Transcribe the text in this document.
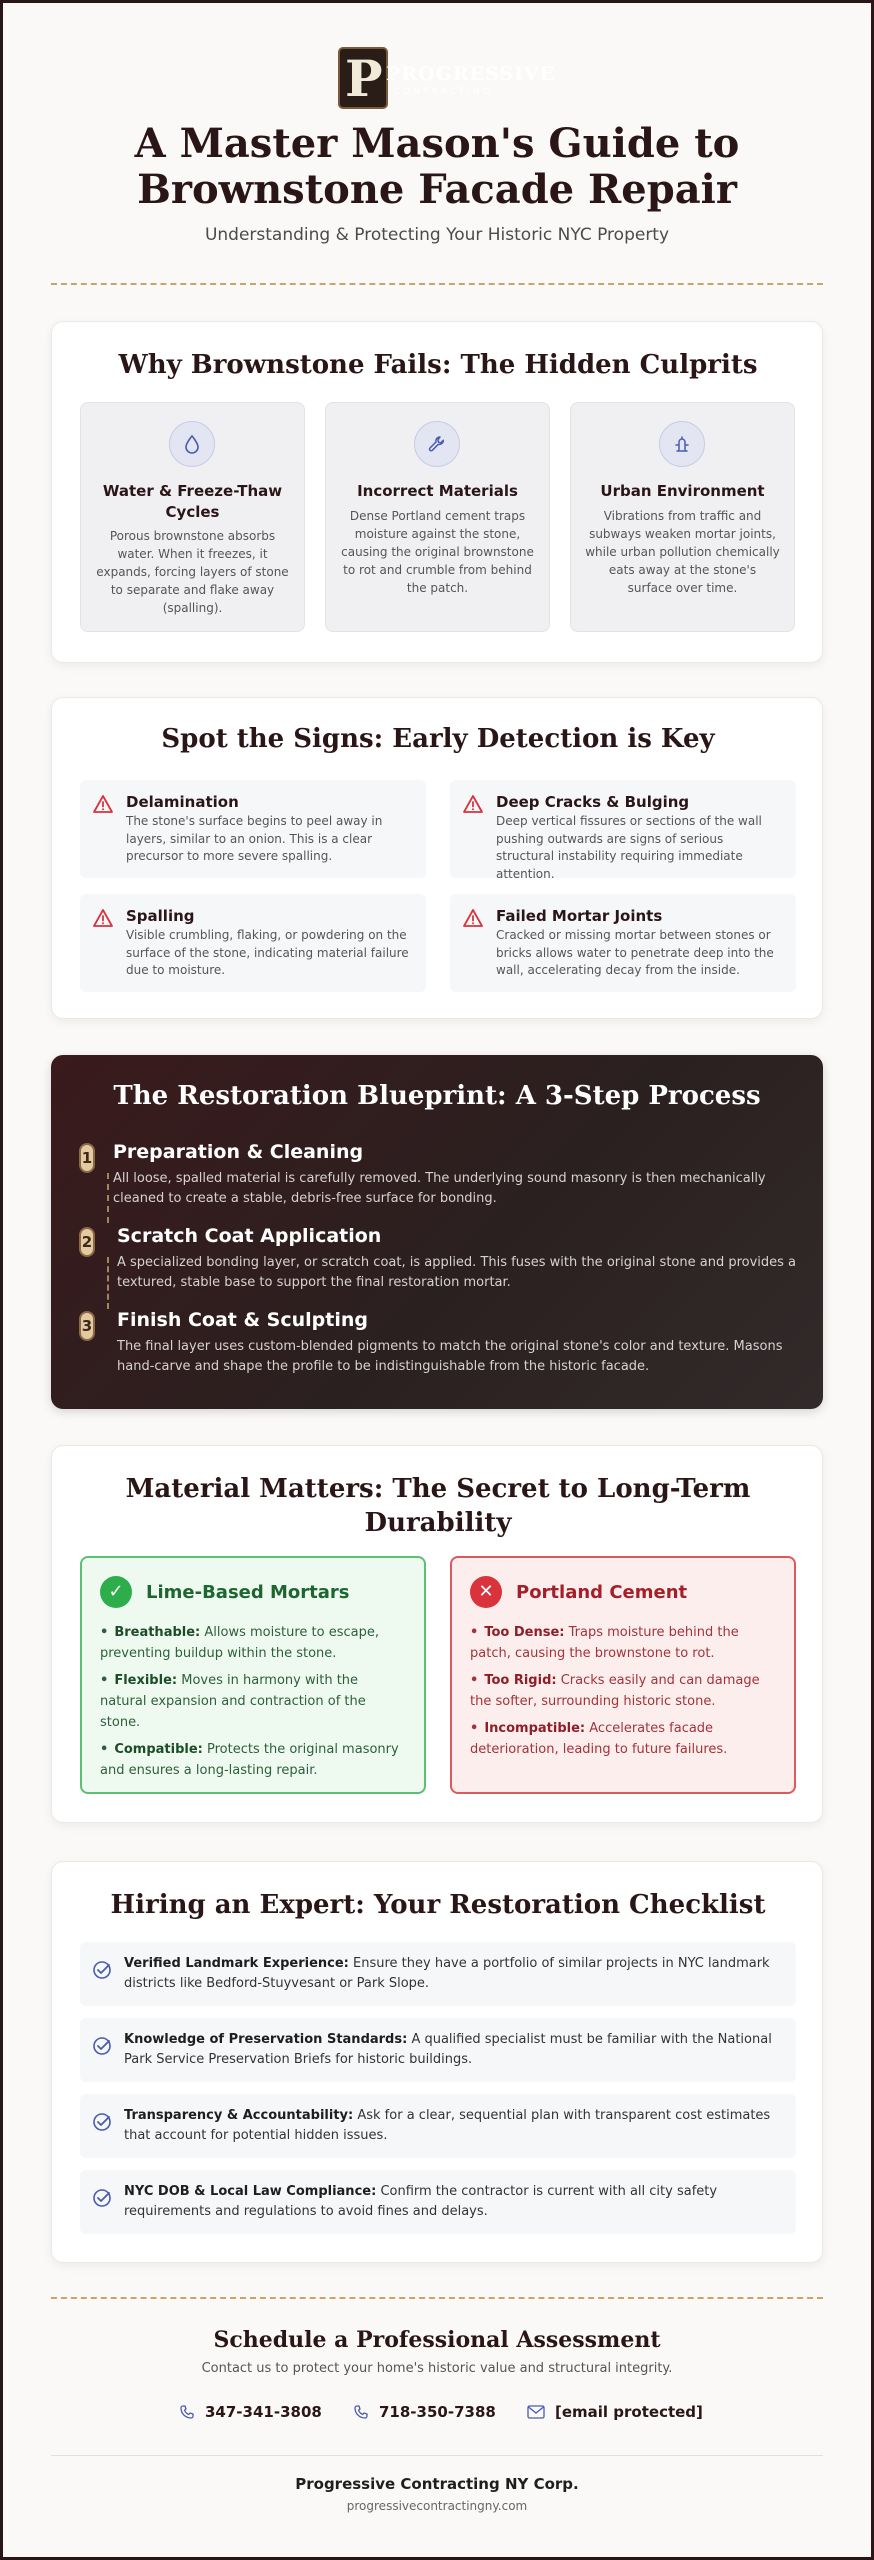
P PROGRESSIVE
CONTRACTING
A Master Mason's Guide to
Brownstone Facade Repair
Understanding & Protecting Your Historic NYC Property
Why Brownstone Fails: The Hidden Culprits
Water & Freeze-Thaw Cycles

Porous brownstone absorbs water. When it freezes, it expands, forcing layers of stone to separate and flake away (spalling).

Incorrect Materials

Dense Portland cement traps moisture against the stone, causing the original brownstone to rot and crumble from behind the patch.

Urban Environment

Vibrations from traffic and subways weaken mortar joints, while urban pollution chemically eats away at the stone's surface over time.

Spot the Signs: Early Detection is Key
Delamination

The stone's surface begins to peel away in layers, similar to an onion. This is a clear precursor to more severe spalling.

Deep Cracks & Bulging

Deep vertical fissures or sections of the wall pushing outwards are signs of serious structural instability requiring immediate attention.

Spalling

Visible crumbling, flaking, or powdering on the surface of the stone, indicating material failure due to moisture.

Failed Mortar Joints

Cracked or missing mortar between stones or bricks allows water to penetrate deep into the wall, accelerating decay from the inside.

The Restoration Blueprint: A 3-Step Process
1 Preparation & Cleaning

All loose, spalled material is carefully removed. The underlying sound masonry is then mechanically cleaned to create a stable, debris-free surface for bonding.

2 Scratch Coat Application

A specialized bonding layer, or scratch coat, is applied. This fuses with the original stone and provides a textured, stable base to support the final restoration mortar.

3 Finish Coat & Sculpting

The final layer uses custom-blended pigments to match the original stone's color and texture. Masons hand-carve and shape the profile to be indistinguishable from the historic facade.

Material Matters: The Secret to Long-Term
Durability
✓	Lime-Based Mortars
• Breathable: Allows moisture to escape, preventing buildup within the stone.
• Flexible: Moves in harmony with the natural expansion and contraction of the stone.
• Compatible: Protects the original masonry and ensures a long-lasting repair.
✕	Portland Cement
• Too Dense: Traps moisture behind the patch, causing the brownstone to rot.
• Too Rigid: Cracks easily and can damage the softer, surrounding historic stone.
• Incompatible: Accelerates facade deterioration, leading to future failures.
Hiring an Expert: Your Restoration Checklist

Verified Landmark Experience: Ensure they have a portfolio of similar projects in NYC landmark districts like Bedford-Stuyvesant or Park Slope.

Knowledge of Preservation Standards: A qualified specialist must be familiar with the National Park Service Preservation Briefs for historic buildings.

Transparency & Accountability: Ask for a clear, sequential plan with transparent cost estimates that account for potential hidden issues.

NYC DOB & Local Law Compliance: Confirm the contractor is current with all city safety requirements and regulations to avoid fines and delays.

Schedule a Professional Assessment
Contact us to protect your home's historic value and structural integrity.
347-341-3808	718-350-7388	[email protected]
Progressive Contracting NY Corp.
progressivecontractingny.com
